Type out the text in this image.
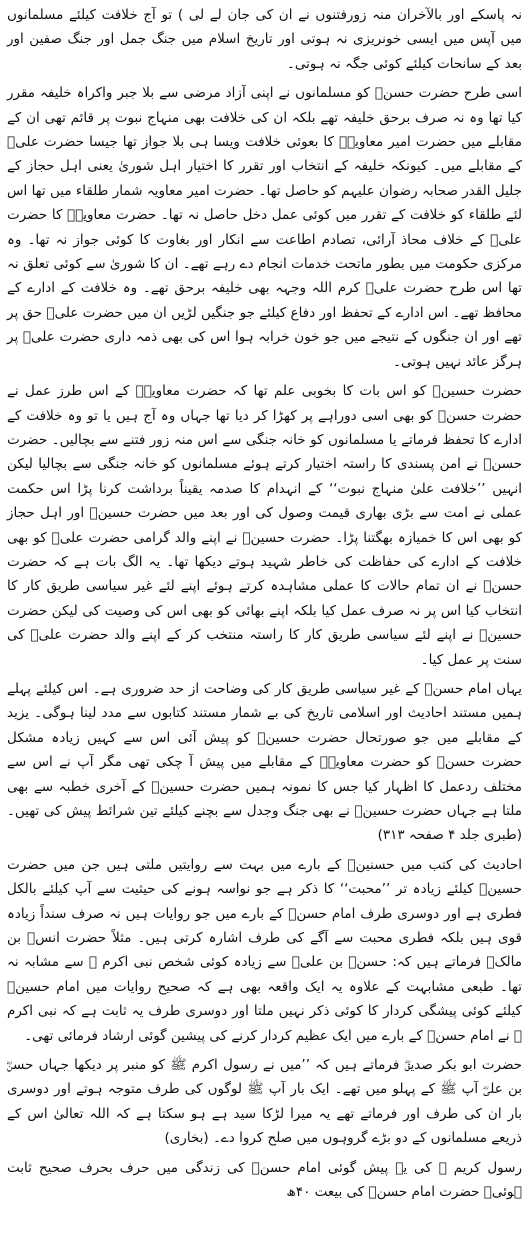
نہ پاسکے اور بالآخران منہ زورفتنوں نے ان کی جان لے لی ) تو آج خلافت کیلئے مسلمانوں میں آپس میں ایسی خونریزی نہ ہوتی اور تاریخ اسلام میں جنگ جمل اور جنگ صفین اور بعد کے سانحات کیلئے کوئی جگہ نہ ہوتی۔

اسی طرح حضرت حسنؓ کو مسلمانوں نے اپنی آزاد مرضی سے بلا جبر واکراہ خلیفہ مقرر کیا تھا وہ نہ صرف برحق خلیفہ تھے بلکہ ان کی خلافت بھی منہاج نبوت پر قائم تھی ان کے مقابلے میں حضرت امیر معاویہؓ کا بعوئی خلافت ویسا ہی بلا جواز تھا جیسا حضرت علیؓ کے مقابلے میں۔ کیونکہ خلیفہ کے انتخاب اور تقرر کا اختیار اہل شوریٰ یعنی اہل حجاز کے جلیل القدر صحابہ رضوان علیہم کو حاصل تھا۔ حضرت امیر معاویہ شمار طلقاء میں تھا اس لئے طلقاء کو خلافت کے تقرر میں کوئی عمل دخل حاصل نہ تھا۔ حضرت معاویہؓ کا حضرت علیؓ کے خلاف محاذ آرائی، تصادم اطاعت سے انکار اور بغاوت کا کوئی جواز نہ تھا۔ وہ مرکزی حکومت میں بطور ماتحت خدمات انجام دے رہے تھے۔ ان کا شوریٰ سے کوئی تعلق نہ تھا اس طرح حضرت علیؓ کرم اللہ وجہہ بھی خلیفہ برحق تھے۔ وہ خلافت کے ادارے کے محافظ تھے۔ اس ادارے کے تحفظ اور دفاع کیلئے جو جنگیں لڑیں ان میں حضرت علیؓ حق پر تھے اور ان جنگوں کے نتیجے میں جو خون خرابہ ہوا اس کی بھی ذمہ داری حضرت علیؓ پر ہرگز عائد نہیں ہوتی۔

حضرت حسینؓ کو اس بات کا بخوبی علم تھا کہ حضرت معاویہؓ کے اس طرز عمل نے حضرت حسنؓ کو بھی اسی دوراہے پر کھڑا کر دیا تھا جہاں وہ آج ہیں یا تو وہ خلافت کے ادارے کا تحفظ فرماتے یا مسلمانوں کو خانہ جنگی سے اس منہ زور فتنے سے بچالیں۔ حضرت حسنؓ نے امن پسندی کا راستہ اختیار کرتے ہوئے مسلمانوں کو خانہ جنگی سے بچالیا لیکن انہیں ’’خلافت علیٰ منہاج نبوت‘‘ کے انہدام کا صدمہ یقیناً برداشت کرنا پڑا اس حکمت عملی نے امت سے بڑی بھاری قیمت وصول کی اور بعد میں حضرت حسینؓ اور اہل حجاز کو بھی اس کا خمیازہ بھگتنا پڑا۔ حضرت حسینؓ نے اپنے والد گرامی حضرت علیؓ کو بھی خلافت کے ادارے کی حفاظت کی خاطر شہید ہوتے دیکھا تھا۔ یہ الگ بات ہے کہ حضرت حسنؓ نے ان تمام حالات کا عملی مشاہدہ کرتے ہوئے اپنے لئے غیر سیاسی طریق کار کا انتخاب کیا اس پر نہ صرف عمل کیا بلکہ اپنے بھائی کو بھی اس کی وصیت کی لیکن حضرت حسینؓ نے اپنے لئے سیاسی طریق کار کا راستہ منتخب کر کے اپنے والد حضرت علیؓ کی سنت پر عمل کیا۔

یہاں امام حسنؓ کے غیر سیاسی طریق کار کی وضاحت از حد ضروری ہے۔ اس کیلئے پہلے ہمیں مستند احادیث اور اسلامی تاریخ کی بے شمار مستند کتابوں سے مدد لینا ہوگی۔ یزید کے مقابلے میں جو صورتحال حضرت حسینؓ کو پیش آئی اس سے کہیں زیادہ مشکل حضرت حسنؓ کو حضرت معاویہؓ کے مقابلے میں پیش آ چکی تھی مگر آپ نے اس سے مختلف ردعمل کا اظہار کیا جس کا نمونہ ہمیں حضرت حسینؓ کے آخری خطبہ سے بھی ملتا ہے جہاں حضرت حسینؓ نے بھی جنگ وجدل سے بچنے کیلئے تین شرائط پیش کی تھیں۔ (طبری جلد ۴ صفحہ ۳۱۳)

احادیث کی کتب میں حسنینؓ کے بارے میں بہت سے روایتیں ملتی ہیں جن میں حضرت حسینؓ کیلئے زیادہ تر ’’محبت‘‘ کا ذکر ہے جو نواسہ ہونے کی حیثیت سے آپ کیلئے بالکل فطری ہے اور دوسری طرف امام حسنؓ کے بارے میں جو روایات ہیں نہ صرف سنداً زیادہ قوی ہیں بلکہ فطری محبت سے آگے کی طرف اشارہ کرتی ہیں۔ مثلاً حضرت انسؓ بن مالکؓ فرماتے ہیں کہ: حسنؓ بن علیؓ سے زیادہ کوئی شخص نبی اکرم ﷺ سے مشابہ نہ تھا۔ طبعی مشابہت کے علاوہ یہ ایک واقعہ بھی ہے کہ صحیح روایات میں امام حسینؓ کیلئے کوئی پیشگی کردار کا کوئی ذکر نہیں ملتا اور دوسری طرف یہ ثابت ہے کہ نبی اکرم ﷺ نے امام حسنؓ کے بارے میں ایک عظیم کردار کرنے کی پیشین گوئی ارشاد فرمائی تھی۔

حضرت ابو بکر صدیقؓ فرماتے ہیں کہ ’’میں نے رسول اکرم ﷺ کو منبر پر دیکھا جہاں حسنؓ بن علیؓ آپ ﷺ کے پہلو میں تھے۔ ایک بار آپ ﷺ لوگوں کی طرف متوجہ ہوتے اور دوسری بار ان کی طرف اور فرماتے تھے یہ میرا لڑکا سید ہے ہو سکتا ہے کہ اللہ تعالیٰ اس کے ذریعے مسلمانوں کے دو بڑے گروہوں میں صلح کروا دے۔ (بخاری)

رسول کریم ﷺ کی یہ پیش گوئی امام حسنؓ کی زندگی میں حرف بحرف صحیح ثابت ہوئی۔ حضرت امام حسنؓ کی بیعت ۴۰ھ
